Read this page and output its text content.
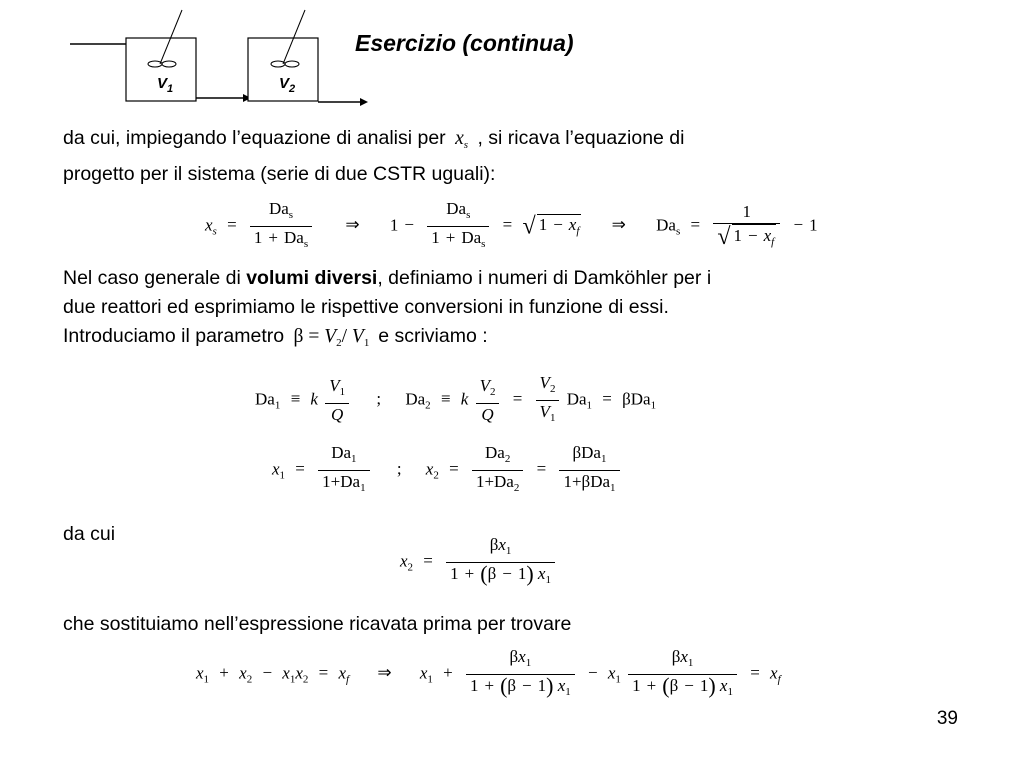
$V_1$	$V_2$
Esercizio (continua)
da cui, impiegando l’equazione di analisi per $x_s$ , si ricava l’equazione di
progetto per il sistema (serie di due CSTR uguali):
$x_s = \frac{Da_s}{1 + Da_s}$ ⇒ $1 - \frac{Da_s}{1 + Da_s}$ = √ $1 - x_f$ ⇒ $Da_s = \frac{1}{√ 1 - x_f} - 1$
Nel caso generale di volumi diversi, definiamo i numeri di Damköhler per i
due reattori ed esprimiamo le rispettive conversioni in funzione di essi.
Introduciamo il parametro $\beta = V_2/$ $V_1$ e scriviamo :
$Da_1 \equiv k \frac{V_1}{Q}$ ; $Da_2 \equiv k \frac{V_2}{Q} = \frac{V_2}{V_1} Da_1 = \beta Da_1$
$x_1 = \frac{Da_1}{1+Da_1}$ ; $x_2 = \frac{Da_2}{1+Da_2} = \frac{\beta Da_1}{1+\beta Da_1}$
da cui
$x_2 = \frac{\beta x_1}{1 + (\beta - 1) x_1}$
che sostituiamo nell’espressione ricavata prima per trovare
$x_1 + x_2 - x_1x_2 = x_f$ ⇒ $x_1 + \frac{\beta x_1}{1 + (\beta - 1) x_1} - x_1 \frac{\beta x_1}{1 + (\beta - 1) x_1} = x_f$
39
